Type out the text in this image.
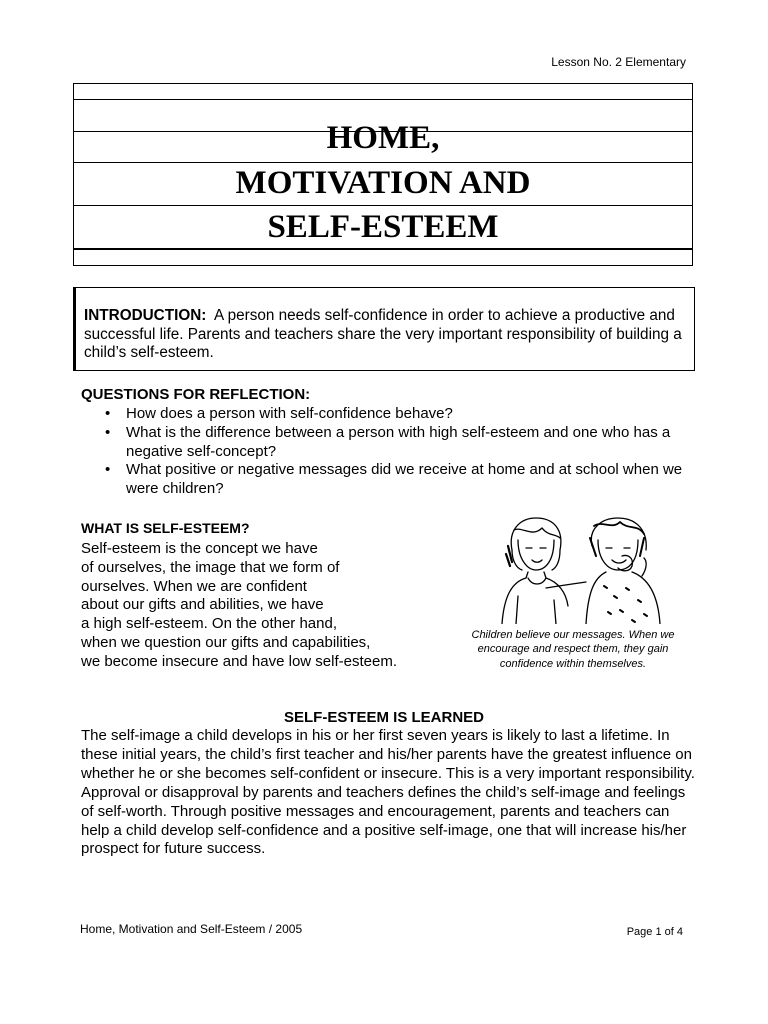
Lesson No. 2 Elementary
HOME,
MOTIVATION AND
SELF-ESTEEM
INTRODUCTION: A person needs self-confidence in order to achieve a productive and successful life. Parents and teachers share the very important responsibility of building a child’s self-esteem.
QUESTIONS FOR REFLECTION:
• How does a person with self-confidence behave?
• What is the difference between a person with high self-esteem and one who has a negative self-concept?
• What positive or negative messages did we receive at home and at school when we were children?
WHAT IS SELF-ESTEEM?
Self-esteem is the concept we have
of ourselves, the image that we form of
ourselves. When we are confident
about our gifts and abilities, we have
a high self-esteem. On the other hand,
when we question our gifts and capabilities,
we become insecure and have low self-esteem.
Children believe our messages. When we encourage and respect them, they gain confidence within themselves.
SELF-ESTEEM IS LEARNED
The self-image a child develops in his or her first seven years is likely to last a lifetime. In these initial years, the child’s first teacher and his/her parents have the greatest influence on whether he or she becomes self-confident or insecure. This is a very important responsibility. Approval or disapproval by parents and teachers defines the child’s self-image and feelings of self-worth. Through positive messages and encouragement, parents and teachers can help a child develop self-confidence and a positive self-image, one that will increase his/her prospect for future success.
Home, Motivation and Self-Esteem / 2005	Page 1 of 4
